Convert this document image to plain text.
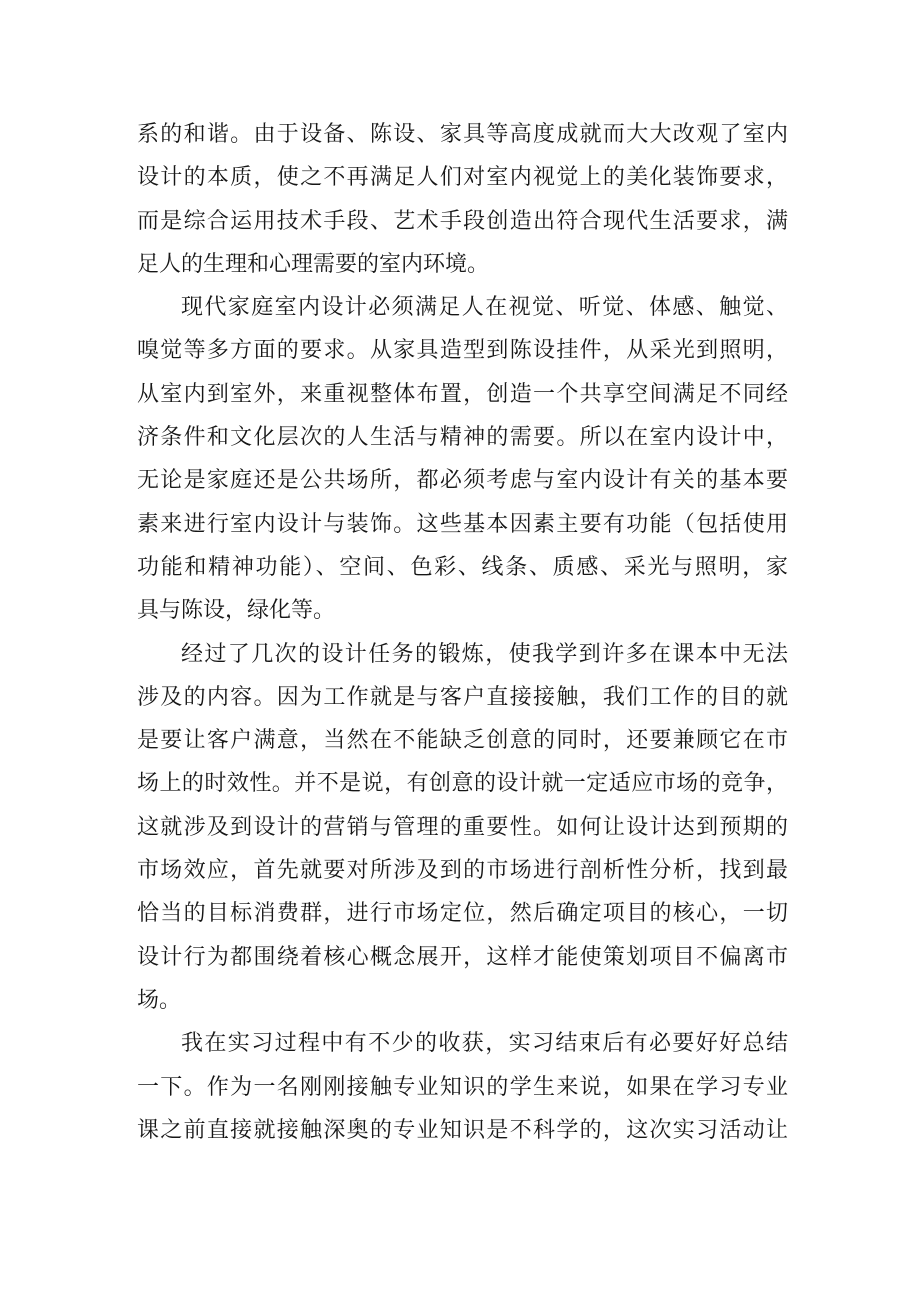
系的和谐。由于设备、陈设、家具等高度成就而大大改观了室内
设计的本质，使之不再满足人们对室内视觉上的美化装饰要求，
而是综合运用技术手段、艺术手段创造出符合现代生活要求，满
足人的生理和心理需要的室内环境。
现代家庭室内设计必须满足人在视觉、听觉、体感、触觉、
嗅觉等多方面的要求。从家具造型到陈设挂件，从采光到照明，
从室内到室外，来重视整体布置，创造一个共享空间满足不同经
济条件和文化层次的人生活与精神的需要。所以在室内设计中，
无论是家庭还是公共场所，都必须考虑与室内设计有关的基本要
素来进行室内设计与装饰。这些基本因素主要有功能（包括使用
功能和精神功能）、空间、色彩、线条、质感、采光与照明，家
具与陈设，绿化等。
经过了几次的设计任务的锻炼，使我学到许多在课本中无法
涉及的内容。因为工作就是与客户直接接触，我们工作的目的就
是要让客户满意，当然在不能缺乏创意的同时，还要兼顾它在市
场上的时效性。并不是说，有创意的设计就一定适应市场的竞争，
这就涉及到设计的营销与管理的重要性。如何让设计达到预期的
市场效应，首先就要对所涉及到的市场进行剖析性分析，找到最
恰当的目标消费群，进行市场定位，然后确定项目的核心，一切
设计行为都围绕着核心概念展开，这样才能使策划项目不偏离市
场。
我在实习过程中有不少的收获，实习结束后有必要好好总结
一下。作为一名刚刚接触专业知识的学生来说，如果在学习专业
课之前直接就接触深奥的专业知识是不科学的，这次实习活动让
